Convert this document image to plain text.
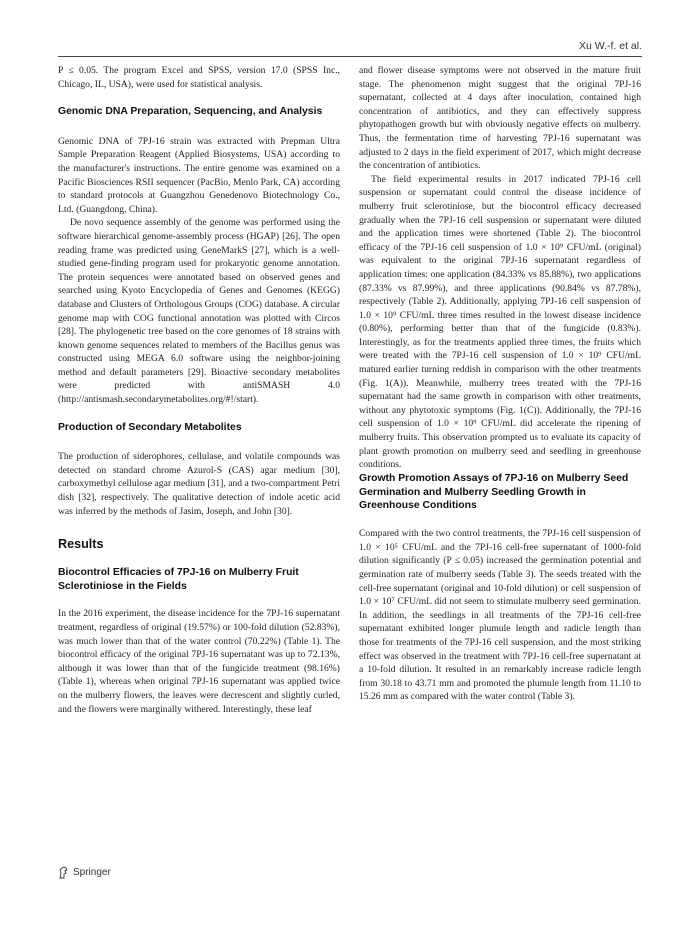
Xu W.-f. et al.

P ≤ 0.05. The program Excel and SPSS, version 17.0 (SPSS Inc., Chicago, IL, USA), were used for statistical analysis.

Genomic DNA Preparation, Sequencing, and Analysis

Genomic DNA of 7PJ-16 strain was extracted with Prepman Ultra Sample Preparation Reagent (Applied Biosystems, USA) according to the manufacturer's instructions. The entire genome was examined on a Pacific Biosciences RSII sequencer (PacBio, Menlo Park, CA) according to standard protocols at Guangzhou Genedenovo Biotechnology Co., Ltd. (Guangdong, China).

De novo sequence assembly of the genome was performed using the software hierarchical genome-assembly process (HGAP) [26]. The open reading frame was predicted using GeneMarkS [27], which is a well-studied gene-finding program used for prokaryotic genome annotation. The protein sequences were annotated based on observed genes and searched using Kyoto Encyclopedia of Genes and Genomes (KEGG) database and Clusters of Orthologous Groups (COG) database. A circular genome map with COG functional annotation was plotted with Circos [28]. The phylogenetic tree based on the core genomes of 18 strains with known genome sequences related to members of the Bacillus genus was constructed using MEGA 6.0 software using the neighbor-joining method and default parameters [29]. Bioactive secondary metabolites were predicted with antiSMASH 4.0 (http://antismash.secondarymetabolites.org/#!/start).

Production of Secondary Metabolites

The production of siderophores, cellulase, and volatile compounds was detected on standard chrome Azurol-S (CAS) agar medium [30], carboxymethyl cellulose agar medium [31], and a two-compartment Petri dish [32], respectively. The qualitative detection of indole acetic acid was inferred by the methods of Jasim, Joseph, and John [30].

Results
Biocontrol Efficacies of 7PJ-16 on Mulberry Fruit Sclerotiniose in the Fields

In the 2016 experiment, the disease incidence for the 7PJ-16 supernatant treatment, regardless of original (19.57%) or 100-fold dilution (52.83%), was much lower than that of the water control (70.22%) (Table 1). The biocontrol efficacy of the original 7PJ-16 supernatant was up to 72.13%, although it was lower than that of the fungicide treatment (98.16%) (Table 1), whereas when original 7PJ-16 supernatant was applied twice on the mulberry flowers, the leaves were decrescent and slightly curled, and the flowers were marginally withered. Interestingly, these leaf

and flower disease symptoms were not observed in the mature fruit stage. The phenomenon might suggest that the original 7PJ-16 supernatant, collected at 4 days after inoculation, contained high concentration of antibiotics, and they can effectively suppress phytopathogen growth but with obviously negative effects on mulberry. Thus, the fermentation time of harvesting 7PJ-16 supernatant was adjusted to 2 days in the field experiment of 2017, which might decrease the concentration of antibiotics.

The field experimental results in 2017 indicated 7PJ-16 cell suspension or supernatant could control the disease incidence of mulberry fruit sclerotiniose, but the biocontrol efficacy decreased gradually when the 7PJ-16 cell suspension or supernatant were diluted and the application times were shortened (Table 2). The biocontrol efficacy of the 7PJ-16 cell suspension of 1.0 × 10⁹ CFU/mL (original) was equivalent to the original 7PJ-16 supernatant regardless of application times: one application (84.33% vs 85.88%), two applications (87.33% vs 87.99%), and three applications (90.84% vs 87.78%), respectively (Table 2). Additionally, applying 7PJ-16 cell suspension of 1.0 × 10⁹ CFU/mL three times resulted in the lowest disease incidence (0.80%), performing better than that of the fungicide (0.83%). Interestingly, as for the treatments applied three times, the fruits which were treated with the 7PJ-16 cell suspension of 1.0 × 10⁹ CFU/mL matured earlier turning reddish in comparison with the other treatments (Fig. 1(A)). Meanwhile, mulberry trees treated with the 7PJ-16 supernatant had the same growth in comparison with other treatments, without any phytotoxic symptoms (Fig. 1(C)). Additionally, the 7PJ-16 cell suspension of 1.0 × 10⁹ CFU/mL did accelerate the ripening of mulberry fruits. This observation prompted us to evaluate its capacity of plant growth promotion on mulberry seed and seedling in greenhouse conditions.

Growth Promotion Assays of 7PJ-16 on Mulberry Seed Germination and Mulberry Seedling Growth in Greenhouse Conditions

Compared with the two control treatments, the 7PJ-16 cell suspension of 1.0 × 10⁵ CFU/mL and the 7PJ-16 cell-free supernatant of 1000-fold dilution significantly (P ≤ 0.05) increased the germination potential and germination rate of mulberry seeds (Table 3). The seeds treated with the cell-free supernatant (original and 10-fold dilution) or cell suspension of 1.0 × 10⁷ CFU/mL did not seem to stimulate mulberry seed germination. In addition, the seedlings in all treatments of the 7PJ-16 cell-free supernatant exhibited longer plumule length and radicle length than those for treatments of the 7PJ-16 cell suspension, and the most striking effect was observed in the treatment with 7PJ-16 cell-free supernatant at a 10-fold dilution. It resulted in an remarkably increase radicle length from 30.18 to 43.71 mm and promoted the plumule length from 11.10 to 15.26 mm as compared with the water control (Table 3).

Springer
